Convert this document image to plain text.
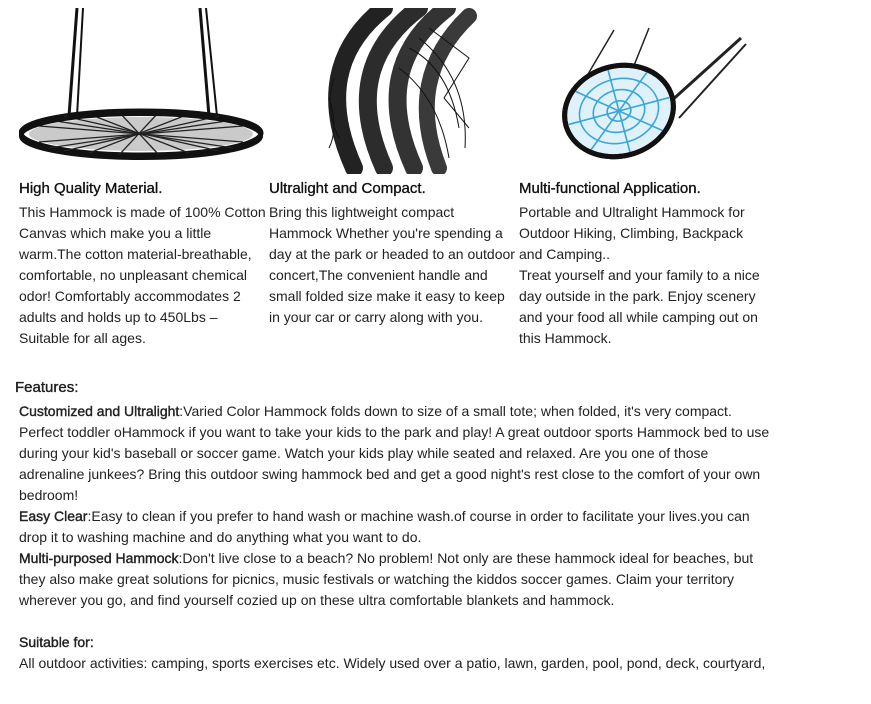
High Quality Material.

This Hammock is made of 100% Cotton Canvas which make you a little warm.The cotton material-breathable, comfortable, no unpleasant chemical odor! Comfortably accommodates 2 adults and holds up to 450Lbs – Suitable for all ages.

Ultralight and Compact.

Bring this lightweight compact Hammock Whether you're spending a day at the park or headed to an outdoor concert,The convenient handle and small folded size make it easy to keep in your car or carry along with you.

Multi-functional Application.

Portable and Ultralight Hammock for Outdoor Hiking, Climbing, Backpack and Camping..
Treat yourself and your family to a nice day outside in the park. Enjoy scenery and your food all while camping out on this Hammock.

Features:
Customized and Ultralight:Varied Color Hammock folds down to size of a small tote; when folded, it's very compact. Perfect toddler oHammock if you want to take your kids to the park and play! A great outdoor sports Hammock bed to use during your kid's baseball or soccer game. Watch your kids play while seated and relaxed. Are you one of those adrenaline junkees? Bring this outdoor swing hammock bed and get a good night's rest close to the comfort of your own bedroom!
Easy Clear:Easy to clean if you prefer to hand wash or machine wash.of course in order to facilitate your lives.you can drop it to washing machine and do anything what you want to do.
Multi-purposed Hammock:Don't live close to a beach? No problem! Not only are these hammock ideal for beaches, but they also make great solutions for picnics, music festivals or watching the kiddos soccer games. Claim your territory wherever you go, and find yourself cozied up on these ultra comfortable blankets and hammock.
Suitable for:

All outdoor activities: camping, sports exercises etc. Widely used over a patio, lawn, garden, pool, pond, deck, courtyard,
